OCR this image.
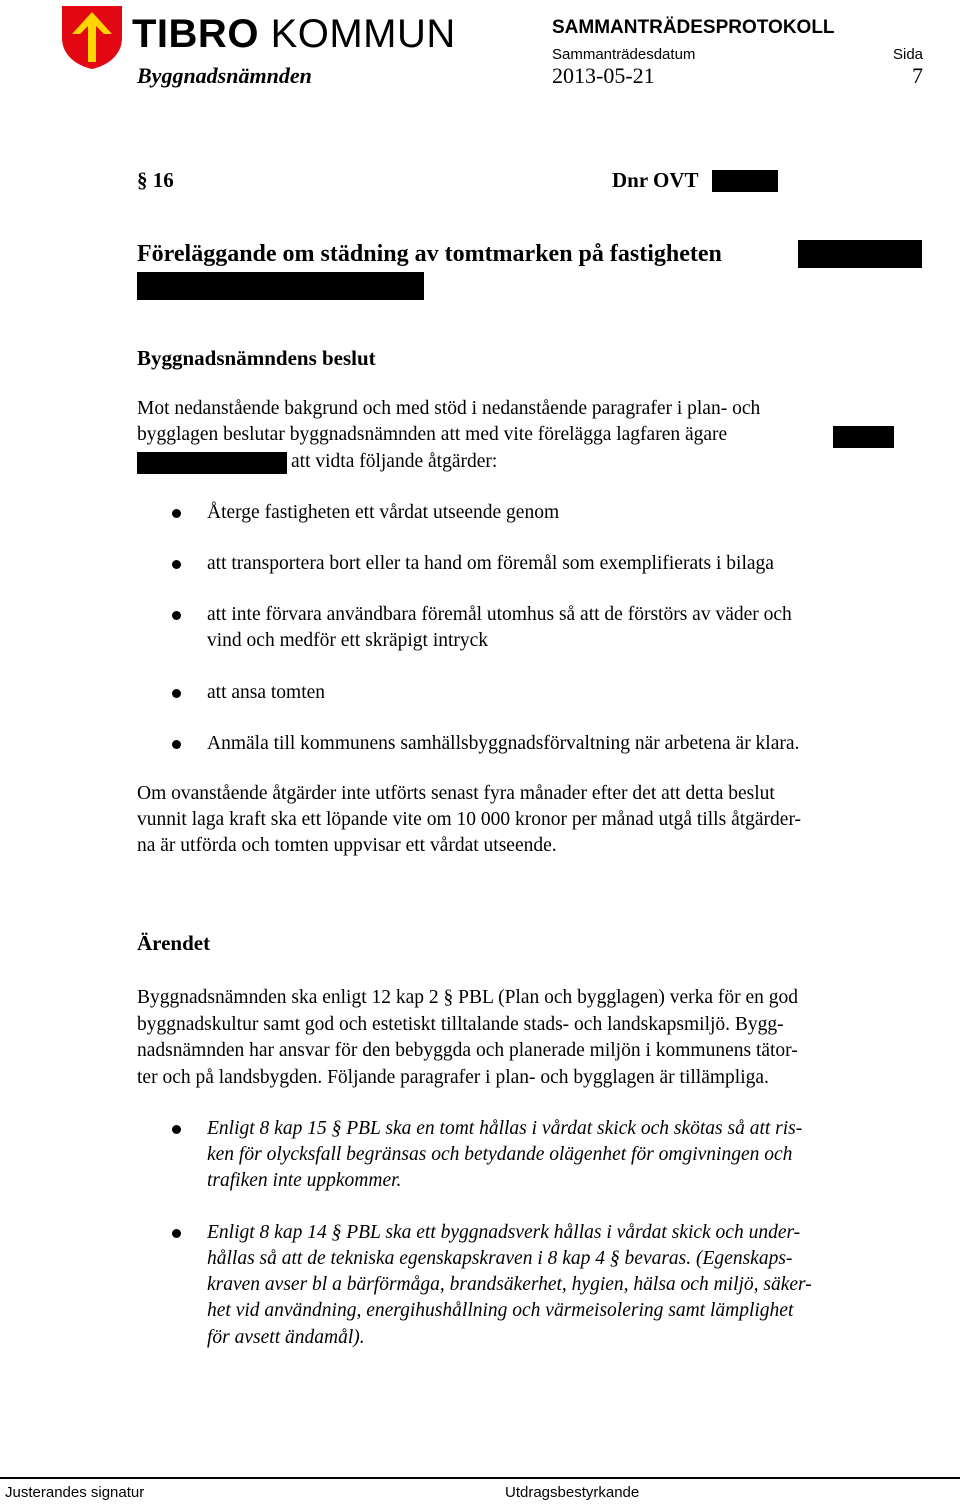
TIBRO KOMMUN	SAMMANTRÄDESPROTOKOLL
Sammanträdesdatum	Sida
Byggnadsnämnden	2013-05-21	7
§ 16	Dnr OVT
Föreläggande om städning av tomtmarken på fastigheten
Byggnadsnämndens beslut
Mot nedanstående bakgrund och med stöd i nedanstående paragrafer i plan- och
bygglagen beslutar byggnadsnämnden att med vite förelägga lagfaren ägare
att vidta följande åtgärder:
Återge fastigheten ett vårdat utseende genom
att transportera bort eller ta hand om föremål som exemplifierats i bilaga
att inte förvara användbara föremål utomhus så att de förstörs av väder och
vind och medför ett skräpigt intryck
att ansa tomten
Anmäla till kommunens samhällsbyggnadsförvaltning när arbetena är klara.
Om ovanstående åtgärder inte utförts senast fyra månader efter det att detta beslut
vunnit laga kraft ska ett löpande vite om 10 000 kronor per månad utgå tills åtgärder-
na är utförda och tomten uppvisar ett vårdat utseende.
Ärendet
Byggnadsnämnden ska enligt 12 kap 2 § PBL (Plan och bygglagen) verka för en god
byggnadskultur samt god och estetiskt tilltalande stads- och landskapsmiljö. Bygg-
nadsnämnden har ansvar för den bebyggda och planerade miljön i kommunens tätor-
ter och på landsbygden. Följande paragrafer i plan- och bygglagen är tillämpliga.
Enligt 8 kap 15 § PBL ska en tomt hållas i vårdat skick och skötas så att ris-
ken för olycksfall begränsas och betydande olägenhet för omgivningen och
trafiken inte uppkommer.
Enligt 8 kap 14 § PBL ska ett byggnadsverk hållas i vårdat skick och under-
hållas så att de tekniska egenskapskraven i 8 kap 4 § bevaras. (Egenskaps-
kraven avser bl a bärförmåga, brandsäkerhet, hygien, hälsa och miljö, säker-
het vid användning, energihushållning och värmeisolering samt lämplighet
för avsett ändamål).
Justerandes signatur	Utdragsbestyrkande
